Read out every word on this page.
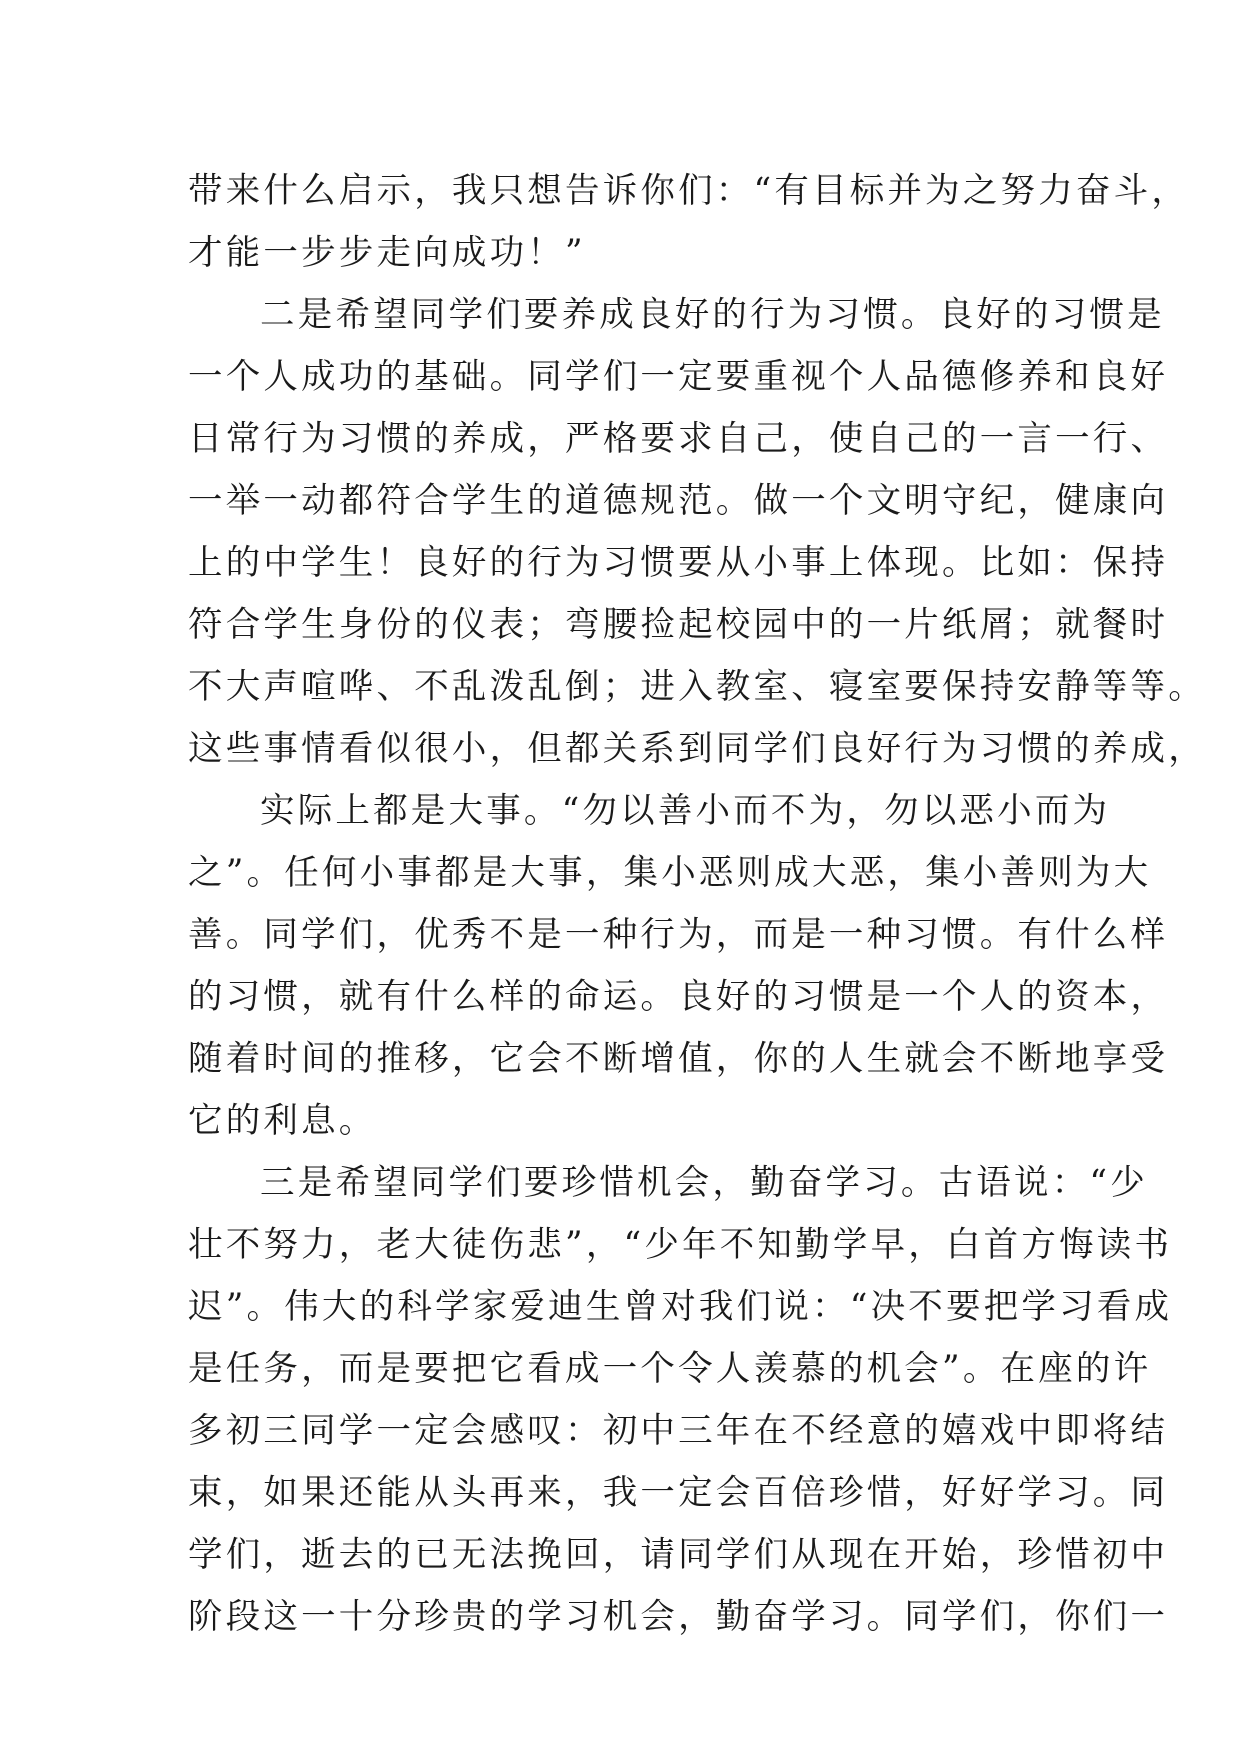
带来什么启示，我只想告诉你们：“有目标并为之努力奋斗，
才能一步步走向成功！”
二是希望同学们要养成良好的行为习惯。良好的习惯是
一个人成功的基础。同学们一定要重视个人品德修养和良好
日常行为习惯的养成，严格要求自己，使自己的一言一行、
一举一动都符合学生的道德规范。做一个文明守纪，健康向
上的中学生！良好的行为习惯要从小事上体现。比如：保持
符合学生身份的仪表；弯腰捡起校园中的一片纸屑；就餐时
不大声喧哗、不乱泼乱倒；进入教室、寝室要保持安静等等。
这些事情看似很小，但都关系到同学们良好行为习惯的养成，
实际上都是大事。“勿以善小而不为，勿以恶小而为
之”。任何小事都是大事，集小恶则成大恶，集小善则为大
善。同学们，优秀不是一种行为，而是一种习惯。有什么样
的习惯，就有什么样的命运。良好的习惯是一个人的资本，
随着时间的推移，它会不断增值，你的人生就会不断地享受
它的利息。
三是希望同学们要珍惜机会，勤奋学习。古语说：“少
壮不努力，老大徒伤悲”，“少年不知勤学早，白首方悔读书
迟”。伟大的科学家爱迪生曾对我们说：“决不要把学习看成
是任务，而是要把它看成一个令人羡慕的机会”。在座的许
多初三同学一定会感叹：初中三年在不经意的嬉戏中即将结
束，如果还能从头再来，我一定会百倍珍惜，好好学习。同
学们，逝去的已无法挽回，请同学们从现在开始，珍惜初中
阶段这一十分珍贵的学习机会，勤奋学习。同学们，你们一
